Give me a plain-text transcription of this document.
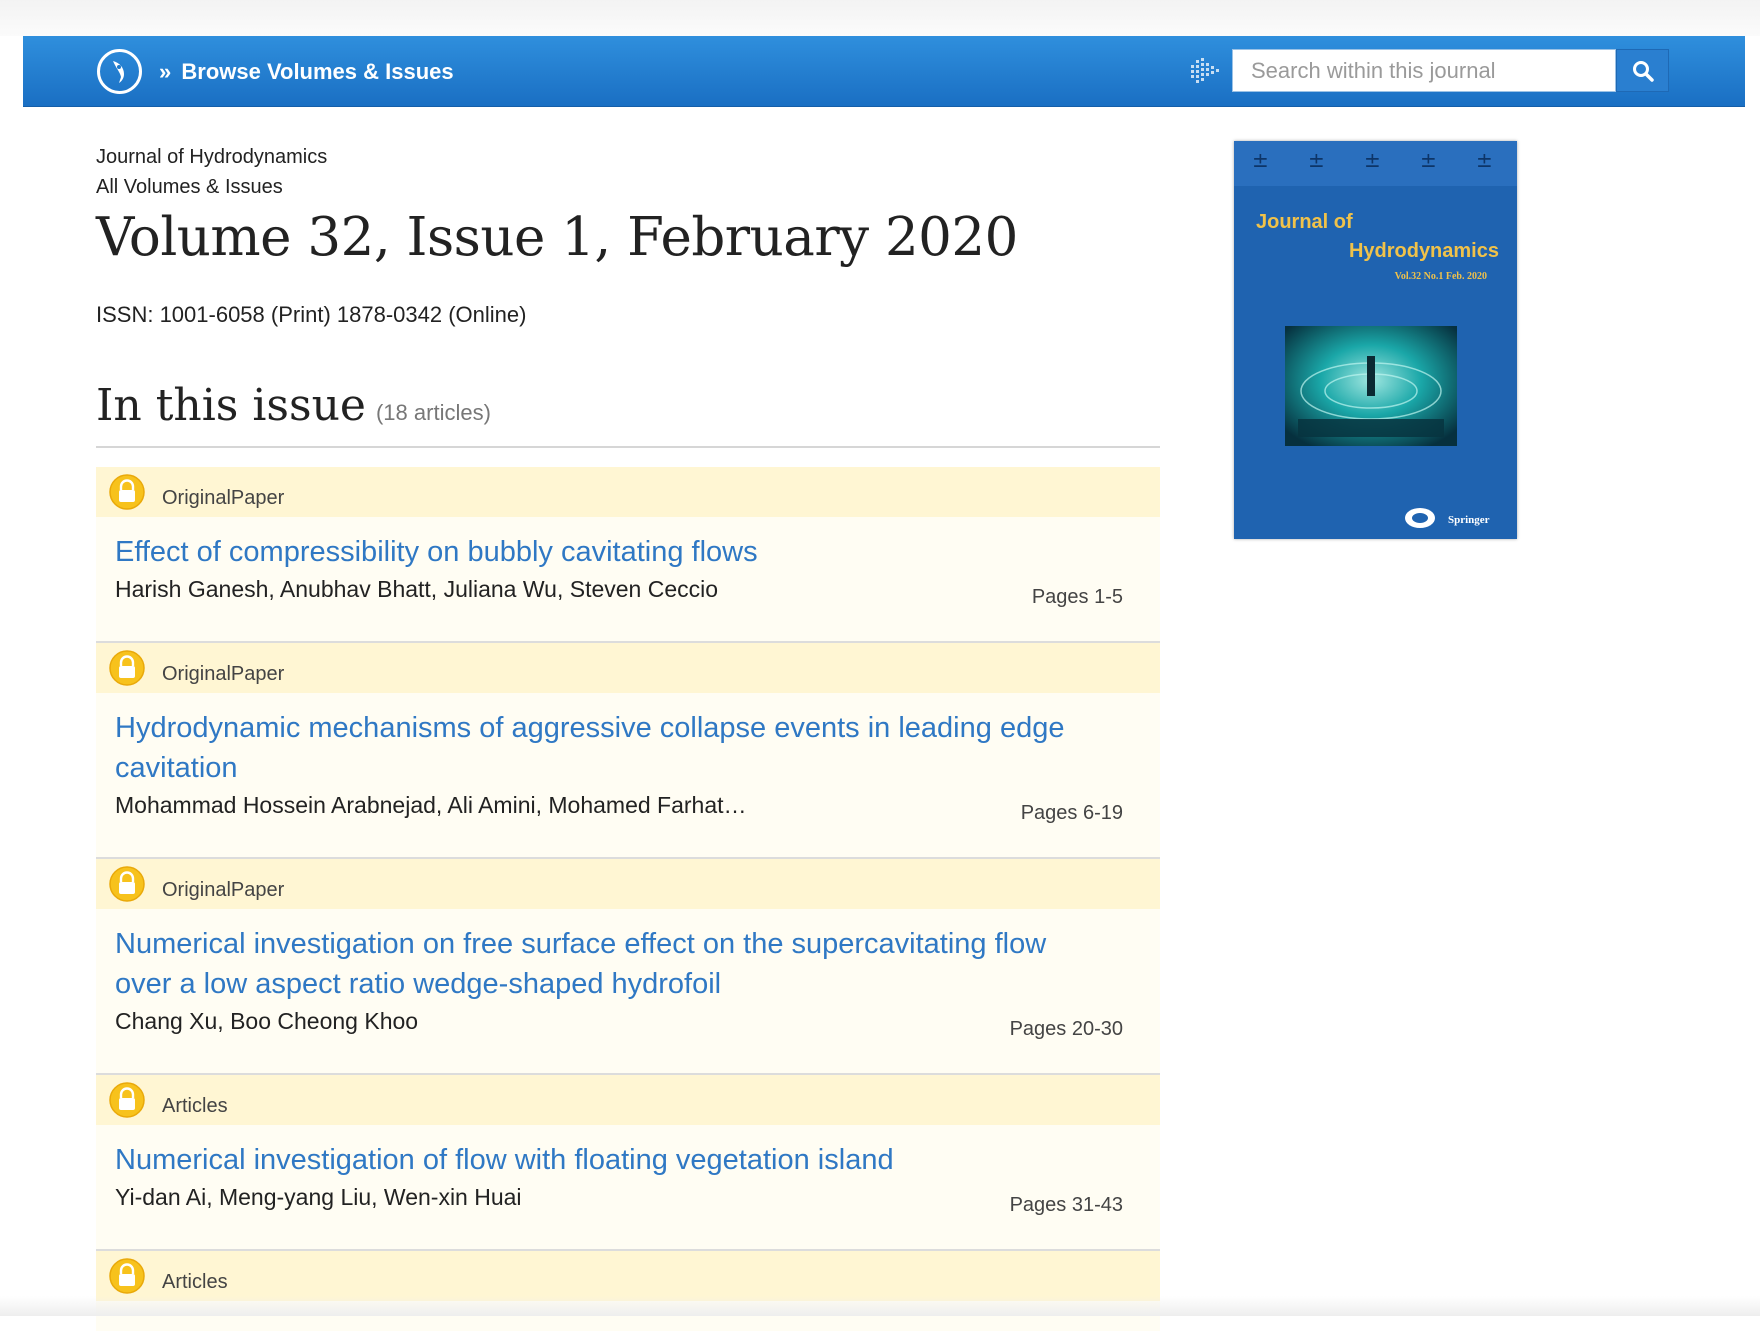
» Browse Volumes & Issues
Search within this journal
Journal of Hydrodynamics
All Volumes & Issues
Volume 32, Issue 1, February 2020
ISSN: 1001-6058 (Print) 1878-0342 (Online)
In this issue (18 articles)
OriginalPaper
Effect of compressibility on bubbly cavitating flows
Harish Ganesh, Anubhav Bhatt, Juliana Wu, Steven Ceccio	Pages 1-5
OriginalPaper
Hydrodynamic mechanisms of aggressive collapse events in leading edge cavitation
Mohammad Hossein Arabnejad, Ali Amini, Mohamed Farhat…	Pages 6-19
OriginalPaper
Numerical investigation on free surface effect on the supercavitating flow over a low aspect ratio wedge-shaped hydrofoil
Chang Xu, Boo Cheong Khoo	Pages 20-30
Articles
Numerical investigation of flow with floating vegetation island
Yi-dan Ai, Meng-yang Liu, Wen-xin Huai	Pages 31-43
Articles
± ± ± ± ±
Journal of
Hydrodynamics
Vol.32 No.1 Feb. 2020
Springer
